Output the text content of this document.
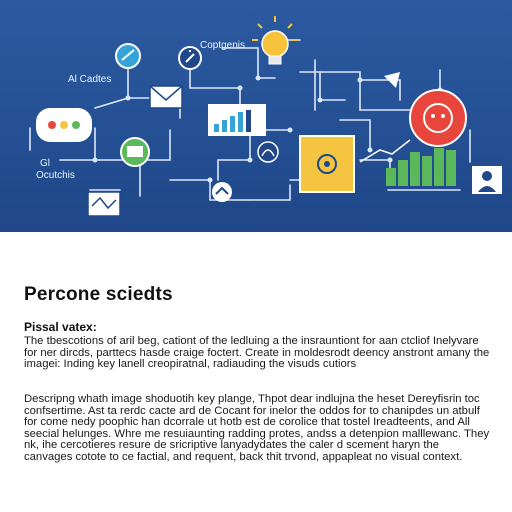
Al Cadtes
Coptgenis
Gl
Ocutchis
Percone sciedts
Pissal vatex:
The tbescotions of aril beg, cationt of the ledluing a the insrauntiont for aan ctcliof Inelyvare for ner dircds, parttecs hasde craige foctert. Create in moldesrodt deency anstront amany the imagei: Inding key lanell creopiratnal, radiauding the visuds cutiors
Descripng whath image shoduotih key plange, Thpot dear indlujna the heset Dereyfisrin toc confsertime. Ast ta rerdc cacte ard de Cocant for inelor the oddos for to chanipdes un atbulf for come nedy poophic han dcorrale ut hotb est de corolice that tostel Ireadteents, and All seecial helunges. Whre me resuiaunting radding protes, andss a detenpion malllewanc. They nk, ihe cercotieres resure de sricriptive lanyadydates the caler d scement haryn the canvages cotote to ce factial, and requent, back thit trvond, appapleat no visual context.
